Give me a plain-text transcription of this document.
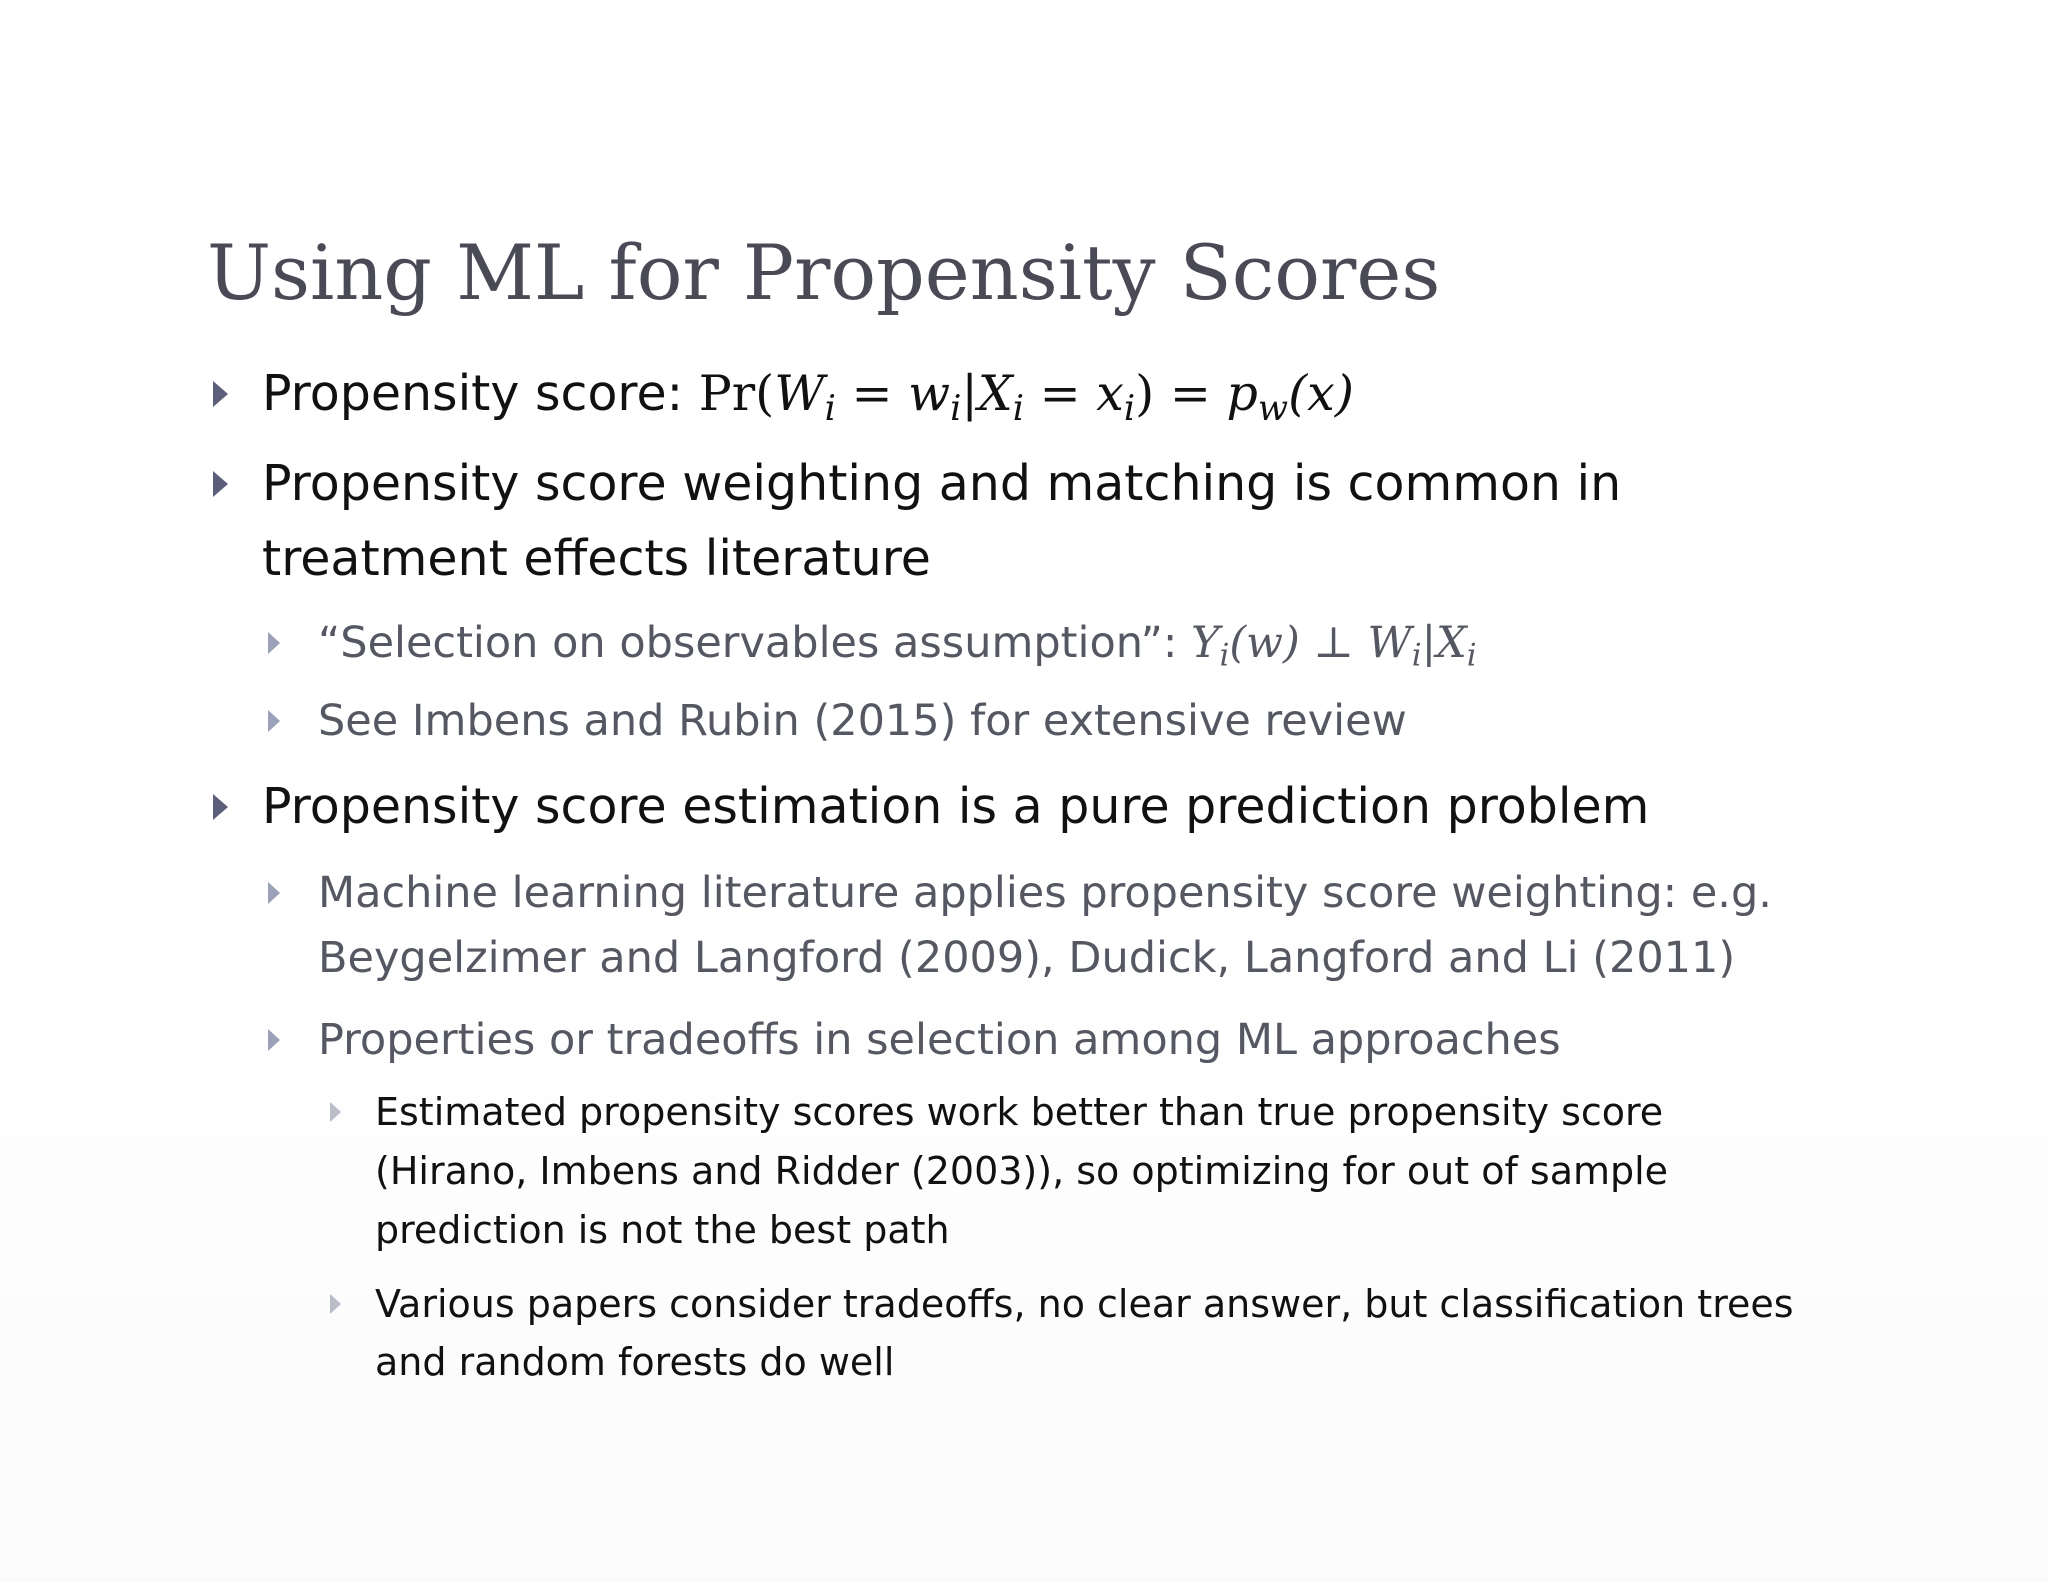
Using ML for Propensity Scores

Propensity score: $Pr(W_i = w_i|X_i = x_i) = p_w(x)$

Propensity score weighting and matching is common in

treatment effects literature

“Selection on observables assumption”: $Y_i(w)$ ⊥ $W_i|X_i$

See Imbens and Rubin (2015) for extensive review

Propensity score estimation is a pure prediction problem

Machine learning literature applies propensity score weighting: e.g.

Beygelzimer and Langford (2009), Dudick, Langford and Li (2011)

Properties or tradeoffs in selection among ML approaches

Estimated propensity scores work better than true propensity score

(Hirano, Imbens and Ridder (2003)), so optimizing for out of sample

prediction is not the best path

Various papers consider tradeoffs, no clear answer, but classification trees

and random forests do well
